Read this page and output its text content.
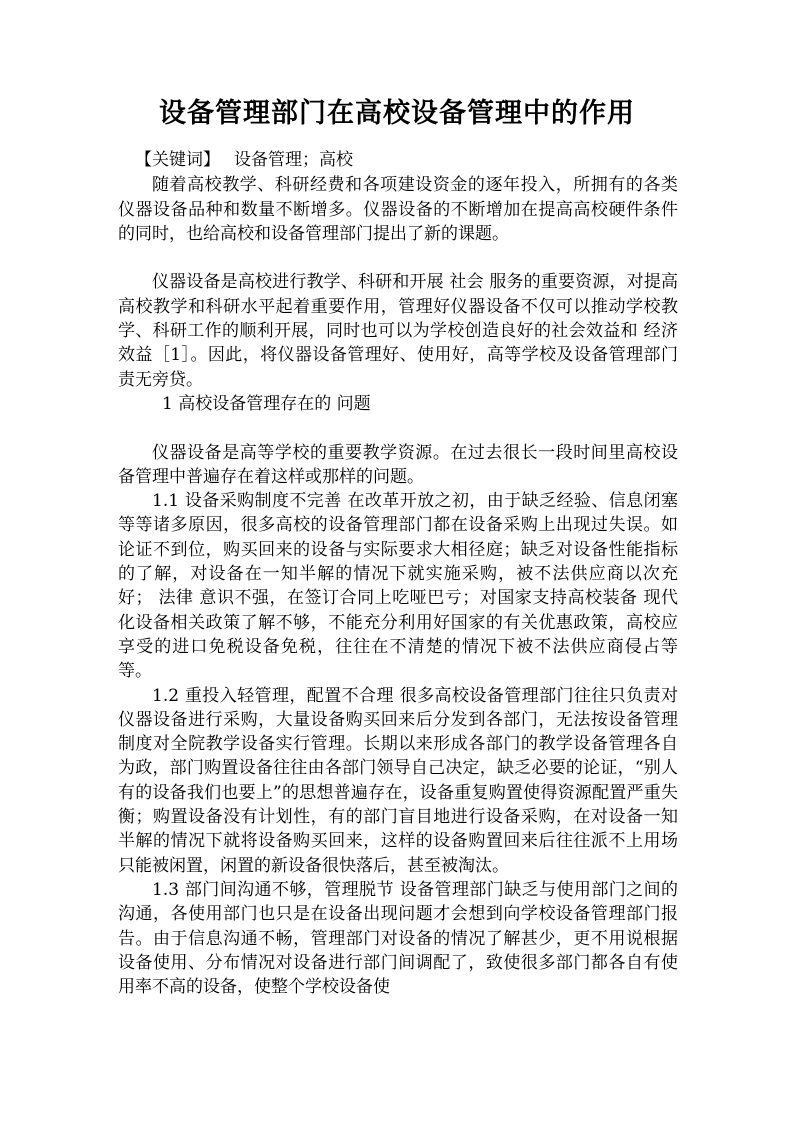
设备管理部门在高校设备管理中的作用
【关键词】 设备管理；高校

随着高校教学、科研经费和各项建设资金的逐年投入，所拥有的各类仪器设备品种和数量不断增多。仪器设备的不断增加在提高高校硬件条件的同时，也给高校和设备管理部门提出了新的课题。

仪器设备是高校进行教学、科研和开展 社会 服务的重要资源，对提高高校教学和科研水平起着重要作用，管理好仪器设备不仅可以推动学校教学、科研工作的顺利开展，同时也可以为学校创造良好的社会效益和 经济 效益［1］。因此，将仪器设备管理好、使用好，高等学校及设备管理部门责无旁贷。

1 高校设备管理存在的 问题

仪器设备是高等学校的重要教学资源。在过去很长一段时间里高校设备管理中普遍存在着这样或那样的问题。

1.1 设备采购制度不完善 在改革开放之初，由于缺乏经验、信息闭塞等等诸多原因，很多高校的设备管理部门都在设备采购上出现过失误。如论证不到位，购买回来的设备与实际要求大相径庭；缺乏对设备性能指标的了解，对设备在一知半解的情况下就实施采购，被不法供应商以次充好； 法律 意识不强，在签订合同上吃哑巴亏；对国家支持高校装备 现代 化设备相关政策了解不够，不能充分利用好国家的有关优惠政策，高校应享受的进口免税设备免税，往往在不清楚的情况下被不法供应商侵占等等。

1.2 重投入轻管理，配置不合理 很多高校设备管理部门往往只负责对仪器设备进行采购，大量设备购买回来后分发到各部门，无法按设备管理制度对全院教学设备实行管理。长期以来形成各部门的教学设备管理各自为政，部门购置设备往往由各部门领导自己决定，缺乏必要的论证，“别人有的设备我们也要上”的思想普遍存在，设备重复购置使得资源配置严重失衡；购置设备没有计划性，有的部门盲目地进行设备采购，在对设备一知半解的情况下就将设备购买回来，这样的设备购置回来后往往派不上用场只能被闲置，闲置的新设备很快落后，甚至被淘汰。

1.3 部门间沟通不够，管理脱节 设备管理部门缺乏与使用部门之间的沟通，各使用部门也只是在设备出现问题才会想到向学校设备管理部门报告。由于信息沟通不畅，管理部门对设备的情况了解甚少，更不用说根据设备使用、分布情况对设备进行部门间调配了，致使很多部门都各自有使用率不高的设备，使整个学校设备使
